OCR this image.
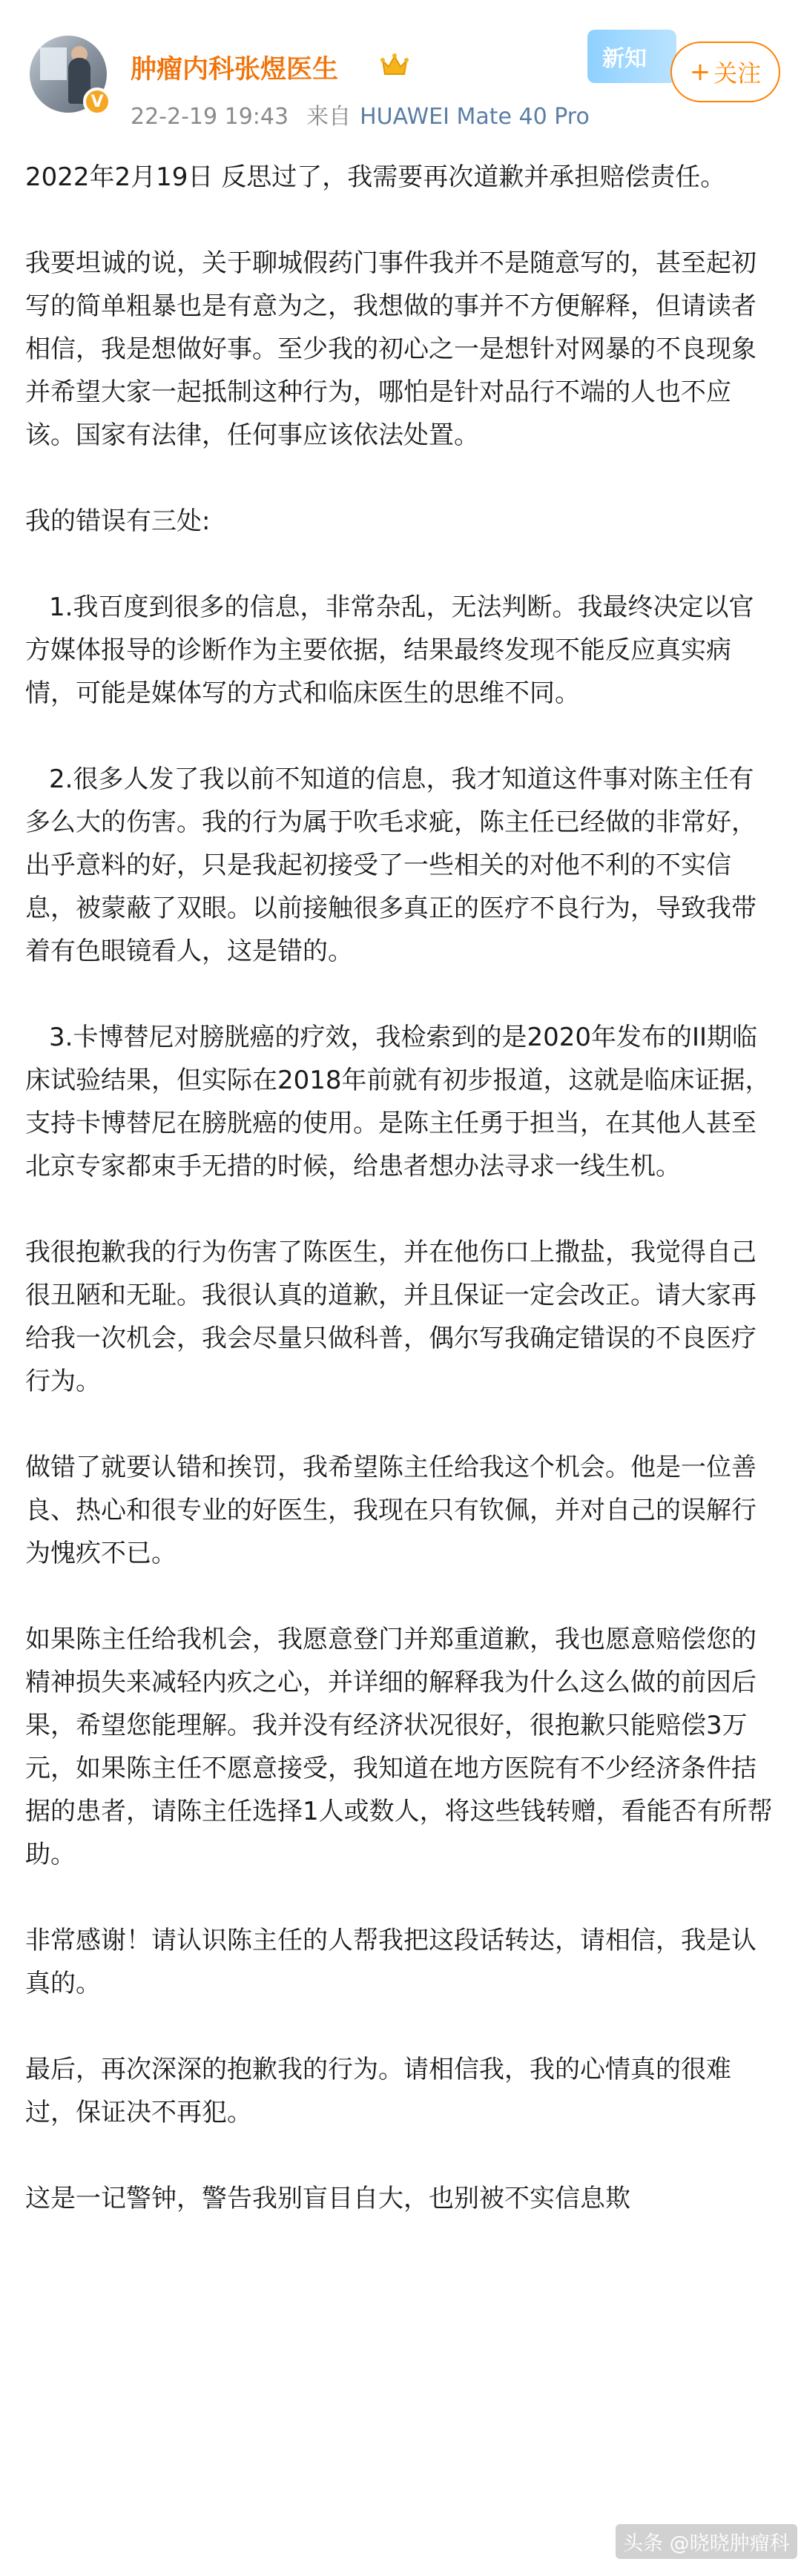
V
肿瘤内科张煜医生
22-2-19 19:43 来自 HUAWEI Mate 40 Pro
新知	+ 关注

2022年2月19日 反思过了，我需要再次道歉并承担赔偿责任。

我要坦诚的说，关于聊城假药门事件我并不是随意写的，甚至起初写的简单粗暴也是有意为之，我想做的事并不方便解释，但请读者相信，我是想做好事。至少我的初心之一是想针对网暴的不良现象并希望大家一起抵制这种行为，哪怕是针对品行不端的人也不应该。国家有法律，任何事应该依法处置。

我的错误有三处:

1.我百度到很多的信息，非常杂乱，无法判断。我最终决定以官方媒体报导的诊断作为主要依据，结果最终发现不能反应真实病情，可能是媒体写的方式和临床医生的思维不同。

2.很多人发了我以前不知道的信息，我才知道这件事对陈主任有多么大的伤害。我的行为属于吹毛求疵，陈主任已经做的非常好，出乎意料的好，只是我起初接受了一些相关的对他不利的不实信息，被蒙蔽了双眼。以前接触很多真正的医疗不良行为，导致我带着有色眼镜看人，这是错的。

3.卡博替尼对膀胱癌的疗效，我检索到的是2020年发布的II期临床试验结果，但实际在2018年前就有初步报道，这就是临床证据，支持卡博替尼在膀胱癌的使用。是陈主任勇于担当，在其他人甚至北京专家都束手无措的时候，给患者想办法寻求一线生机。

我很抱歉我的行为伤害了陈医生，并在他伤口上撒盐，我觉得自己很丑陋和无耻。我很认真的道歉，并且保证一定会改正。请大家再给我一次机会，我会尽量只做科普，偶尔写我确定错误的不良医疗行为。

做错了就要认错和挨罚，我希望陈主任给我这个机会。他是一位善良、热心和很专业的好医生，我现在只有钦佩，并对自己的误解行为愧疚不已。

如果陈主任给我机会，我愿意登门并郑重道歉，我也愿意赔偿您的精神损失来减轻内疚之心，并详细的解释我为什么这么做的前因后果，希望您能理解。我并没有经济状况很好，很抱歉只能赔偿3万元，如果陈主任不愿意接受，我知道在地方医院有不少经济条件拮据的患者，请陈主任选择1人或数人，将这些钱转赠，看能否有所帮助。

非常感谢！请认识陈主任的人帮我把这段话转达，请相信，我是认真的。

最后，再次深深的抱歉我的行为。请相信我，我的心情真的很难过，保证决不再犯。

这是一记警钟，警告我别盲目自大，也别被不实信息欺

头条 @晓晓肿瘤科
